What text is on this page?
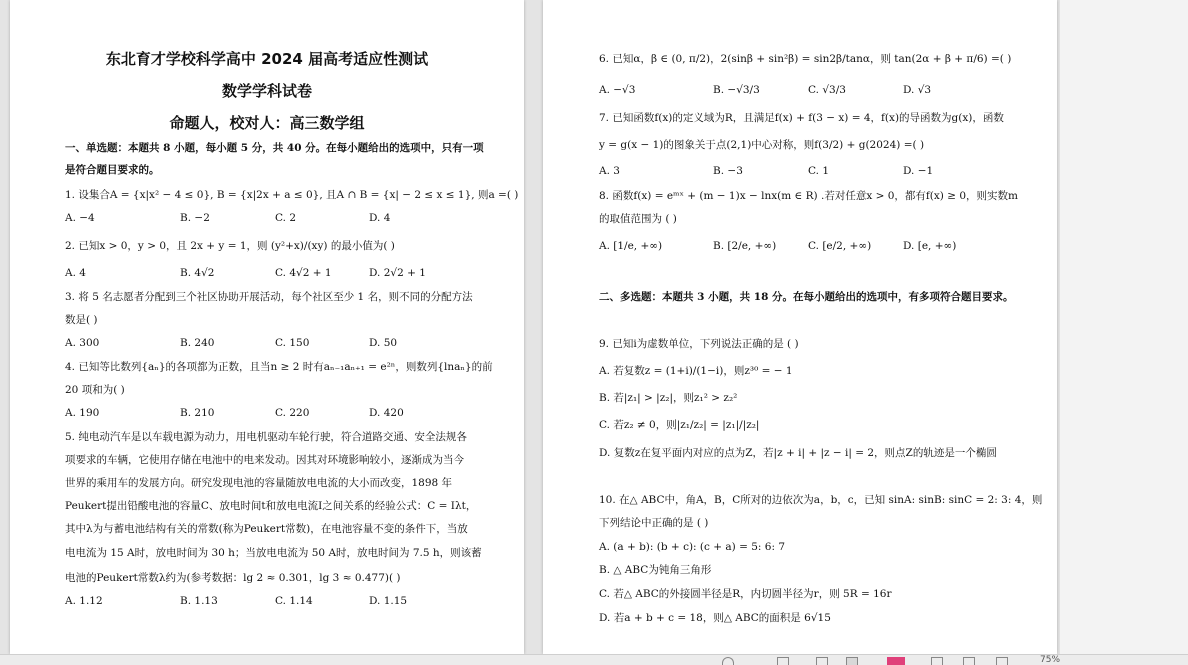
东北育才学校科学高中 2024 届高考适应性测试
数学学科试卷
命题人，校对人：高三数学组
一、单选题：本题共 8 小题，每小题 5 分，共 40 分。在每小题给出的选项中，只有一项
是符合题目要求的。
1. 设集合A = {x|x² − 4 ≤ 0}, B = {x|2x + a ≤ 0}, 且A ∩ B = {x| − 2 ≤ x ≤ 1}, 则a =( )
A. −4	B. −2	C. 2	D. 4
2. 已知x > 0，y > 0，且 2x + y = 1，则 (y²+x)/(xy) 的最小值为( )
A. 4	B. 4√2	C. 4√2 + 1	D. 2√2 + 1
3. 将 5 名志愿者分配到三个社区协助开展活动，每个社区至少 1 名，则不同的分配方法
数是( )
A. 300	B. 240	C. 150	D. 50
4. 已知等比数列{aₙ}的各项都为正数，且当n ≥ 2 时有aₙ₋₁aₙ₊₁ = e²ⁿ，则数列{lnaₙ}的前
20 项和为( )
A. 190	B. 210	C. 220	D. 420
5. 纯电动汽车是以车载电源为动力，用电机驱动车轮行驶，符合道路交通、安全法规各
项要求的车辆，它使用存储在电池中的电来发动。因其对环境影响较小，逐渐成为当今
世界的乘用车的发展方向。研究发现电池的容量随放电电流的大小而改变，1898 年
Peukert提出铅酸电池的容量C、放电时间t和放电电流I之间关系的经验公式：C = Iλt，
其中λ为与蓄电池结构有关的常数(称为Peukert常数)，在电池容量不变的条件下，当放
电电流为 15 A时，放电时间为 30 h；当放电电流为 50 A时，放电时间为 7.5 h，则该蓄
电池的Peukert常数λ约为(参考数据：lg 2 ≈ 0.301，lg 3 ≈ 0.477)( )
A. 1.12	B. 1.13	C. 1.14	D. 1.15
6. 已知α，β ∈ (0, π/2)，2(sinβ + sin²β) = sin2β/tanα，则 tan(2α + β + π/6) =( )
A. −√3	B. −√3/3	C. √3/3	D. √3
7. 已知函数f(x)的定义域为R，且满足f(x) + f(3 − x) = 4，f(x)的导函数为g(x)，函数
y = g(x − 1)的图象关于点(2,1)中心对称，则f(3/2) + g(2024) =( )
A. 3	B. −3	C. 1	D. −1
8. 函数f(x) = eᵐˣ + (m − 1)x − lnx(m ∈ R) .若对任意x > 0，都有f(x) ≥ 0，则实数m
的取值范围为 ( )
A. [1/e, +∞)	B. [2/e, +∞)	C. [e/2, +∞)	D. [e, +∞)
二、多选题：本题共 3 小题，共 18 分。在每小题给出的选项中，有多项符合题目要求。
9. 已知i为虚数单位，下列说法正确的是 ( )
A. 若复数z = (1+i)/(1−i)，则z³⁰ = − 1
B. 若|z₁| > |z₂|，则z₁² > z₂²
C. 若z₂ ≠ 0，则|z₁/z₂| = |z₁|/|z₂|
D. 复数z在复平面内对应的点为Z，若|z + i| + |z − i| = 2，则点Z的轨迹是一个椭圆
10. 在△ ABC中，角A，B，C所对的边依次为a，b，c，已知 sinA: sinB: sinC = 2: 3: 4，则
下列结论中正确的是 ( )
A. (a + b): (b + c): (c + a) = 5: 6: 7
B. △ ABC为钝角三角形
C. 若△ ABC的外接圆半径是R，内切圆半径为r，则 5R = 16r
D. 若a + b + c = 18，则△ ABC的面积是 6√15
75%
